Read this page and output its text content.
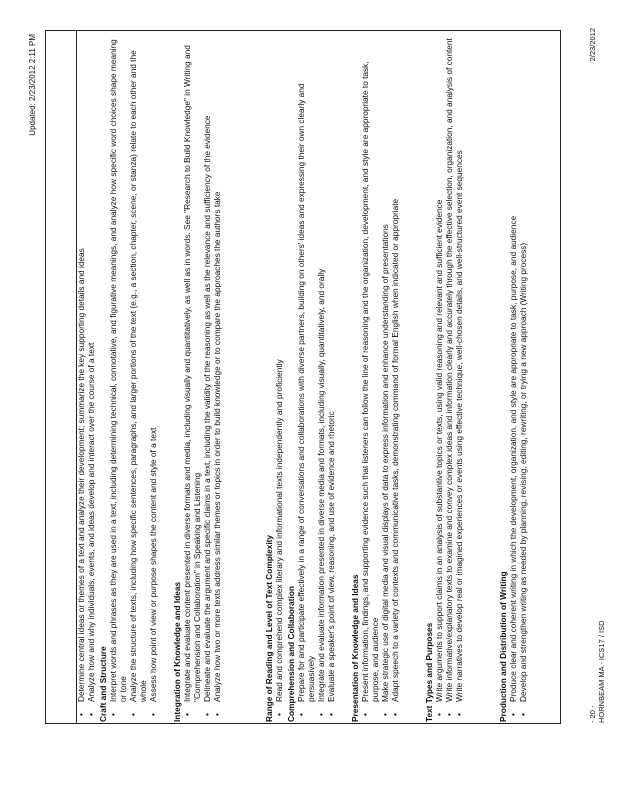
Updated: 2/23/2012 2:11 PM
• Determine central ideas or themes of a text and analyze their development; summarize the key supporting details and ideas • Analyze how and why individuals, events, and ideas develop and interact over the course of a text Craft and Structure • Interpret words and phrases as they are used in a text, including determining technical, connotative, and figurative meanings, and analyze how specific word choices shape meaning or tone • Analyze the structure of texts, including how specific sentences, paragraphs, and larger portions of the text (e.g., a section, chapter, scene, or stanza) relate to each other and the whole • Assess how point of view or purpose shapes the content and style of a text Integration of Knowledge and Ideas • Integrate and evaluate content presented in diverse formats and media, including visually and quantitatively, as well as in words. See "Research to Build Knowledge" in Writing and "Comprehension and Collaboration" in Speaking and Listening • Delineate and evaluate the argument and specific claims in a text, including the validity of the reasoning as well as the relevance and sufficiency of the evidence • Analyze how two or more texts address similar themes or topics in order to build knowledge or to compare the approaches the authors take	Range of Reading and Level of Text Complexity • Read and comprehend complex literary and informational texts independently and proficiently Comprehension and Collaboration • Prepare for and participate effectively in a range of conversations and collaborations with diverse partners, building on others' ideas and expressing their own clearly and persuasively • Integrate and evaluate information presented in diverse media and formats, including visually, quantitatively, and orally • Evaluate a speaker's point of view, reasoning, and use of evidence and rhetoric Presentation of Knowledge and Ideas • Present information, findings, and supporting evidence such that listeners can follow the line of reasoning and the organization, development, and style are appropriate to task, purpose, and audience • Make strategic use of digital media and visual displays of data to express information and enhance understanding of presentations • Adapt speech to a variety of contexts and communicative tasks, demonstrating command of formal English when indicated or appropriate	Text Types and Purposes • Write arguments to support claims in an analysis of substantive topics or texts, using valid reasoning and relevant and sufficient evidence • Write informative/explanatory texts to examine and convey complex ideas and information clearly and accurately through the effective selection, organization, and analysis of content • Write narratives to develop real or imagined experiences or events using effective technique, well-chosen details, and well-structured event sequences	Production and Distribution of Writing • Produce clear and coherent writing in which the development, organization, and style are appropriate to task, purpose, and audience • Develop and strengthen writing as needed by planning, revising, editing, rewriting, or trying a new approach (Writing process)
- 20 - HORNBEAM MA - ICS17 / ISD
2/23/2012
